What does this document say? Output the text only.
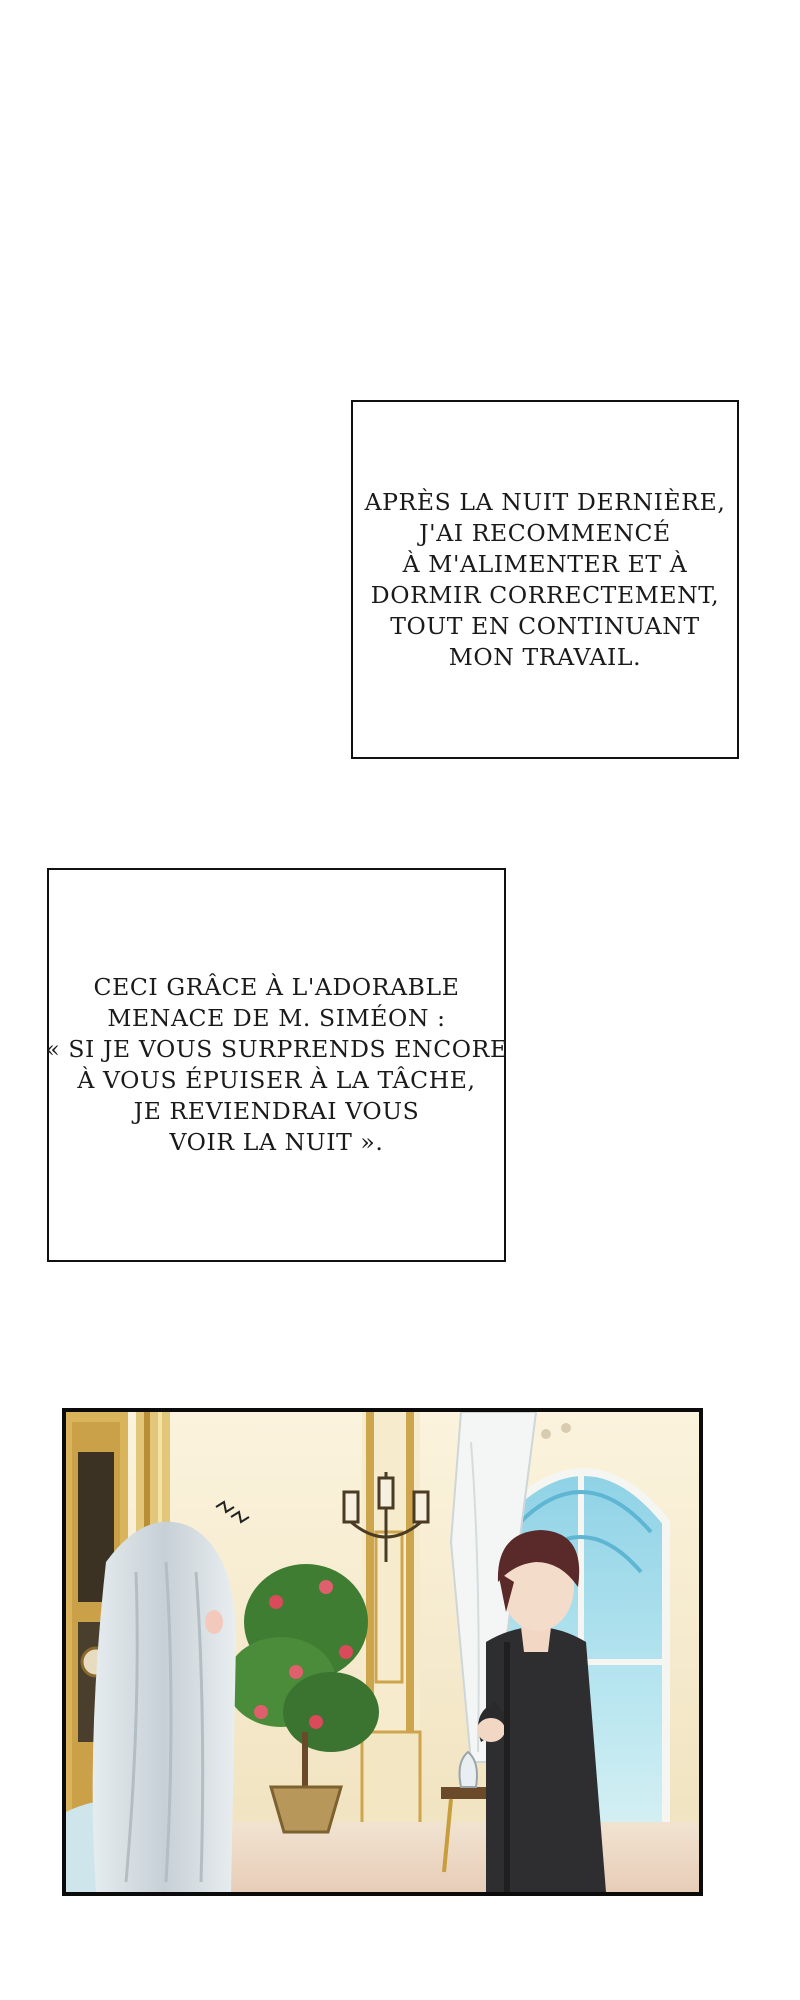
APRÈS LA NUIT DERNIÈRE,
J'AI RECOMMENCÉ
À M'ALIMENTER ET À
DORMIR CORRECTEMENT,
TOUT EN CONTINUANT
MON TRAVAIL.

CECI GRÂCE À L'ADORABLE
MENACE DE M. SIMÉON :
« SI JE VOUS SURPRENDS ENCORE
À VOUS ÉPUISER À LA TÂCHE,
JE REVIENDRAI VOUS
VOIR LA NUIT ».
